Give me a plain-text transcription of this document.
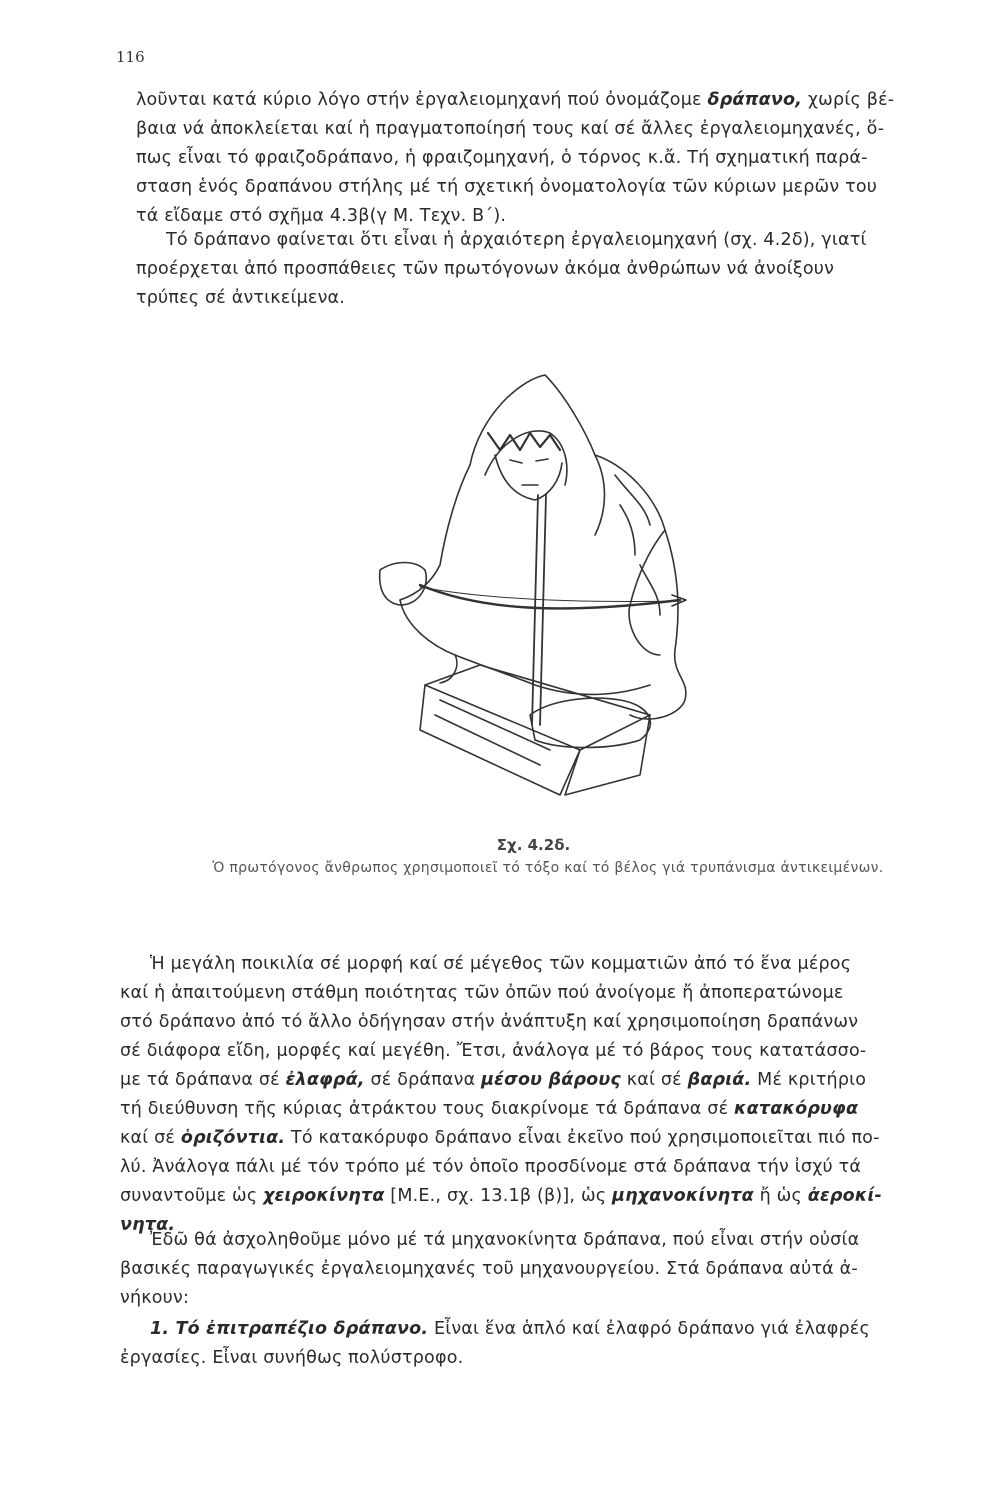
116

λοῦνται κατά κύριο λόγο στήν ἐργαλειομηχανή πού ὀνομάζομε δράπανο, χωρίς βέ-
βαια νά ἀποκλείεται καί ἡ πραγματοποίησή τους καί σέ ἄλλες ἐργαλειομηχανές, ὅ-
πως εἶναι τό φραιζοδράπανο, ἡ φραιζομηχανή, ὁ τόρνος κ.ἄ. Τή σχηματική παρά-
σταση ἑνός δραπάνου στήλης μέ τή σχετική ὀνοματολογία τῶν κύριων μερῶν του
τά εἴδαμε στό σχῆμα 4.3β(γ Μ. Τεχν. Β΄).

Τό δράπανο φαίνεται ὅτι εἶναι ἡ ἀρχαιότερη ἐργαλειομηχανή (σχ. 4.2δ), γιατί
προέρχεται ἀπό προσπάθειες τῶν πρωτόγονων ἀκόμα ἀνθρώπων νά ἀνοίξουν
τρύπες σέ ἀντικείμενα.

Σχ. 4.2δ.
Ὁ πρωτόγονος ἄνθρωπος χρησιμοποιεῖ τό τόξο καί τό βέλος γιά τρυπάνισμα ἀντικειμένων.

Ἡ μεγάλη ποικιλία σέ μορφή καί σέ μέγεθος τῶν κομματιῶν ἀπό τό ἕνα μέρος
καί ἡ ἀπαιτούμενη στάθμη ποιότητας τῶν ὀπῶν πού ἀνοίγομε ἤ ἀποπερατώνομε
στό δράπανο ἀπό τό ἄλλο ὁδήγησαν στήν ἀνάπτυξη καί χρησιμοποίηση δραπάνων
σέ διάφορα εἴδη, μορφές καί μεγέθη. Ἔτσι, ἀνάλογα μέ τό βάρος τους κατατάσσο-
με τά δράπανα σέ ἐλαφρά, σέ δράπανα μέσου βάρους καί σέ βαριά. Μέ κριτήριο
τή διεύθυνση τῆς κύριας ἀτράκτου τους διακρίνομε τά δράπανα σέ κατακόρυφα
καί σέ ὁριζόντια. Τό κατακόρυφο δράπανο εἶναι ἐκεῖνο πού χρησιμοποιεῖται πιό πο-
λύ. Ἀνάλογα πάλι μέ τόν τρόπο μέ τόν ὁποῖο προσδίνομε στά δράπανα τήν ἰσχύ τά
συναντοῦμε ὡς χειροκίνητα [Μ.Ε., σχ. 13.1β (β)], ὡς μηχανοκίνητα ἤ ὡς ἀεροκί-
νητα.

Ἐδῶ θά ἀσχοληθοῦμε μόνο μέ τά μηχανοκίνητα δράπανα, πού εἶναι στήν οὐσία
βασικές παραγωγικές ἐργαλειομηχανές τοῦ μηχανουργείου. Στά δράπανα αὐτά ἀ-
νήκουν:

1. Τό ἐπιτραπέζιο δράπανο. Εἶναι ἕνα ἁπλό καί ἐλαφρό δράπανο γιά ἐλαφρές
ἐργασίες. Εἶναι συνήθως πολύστροφο.
